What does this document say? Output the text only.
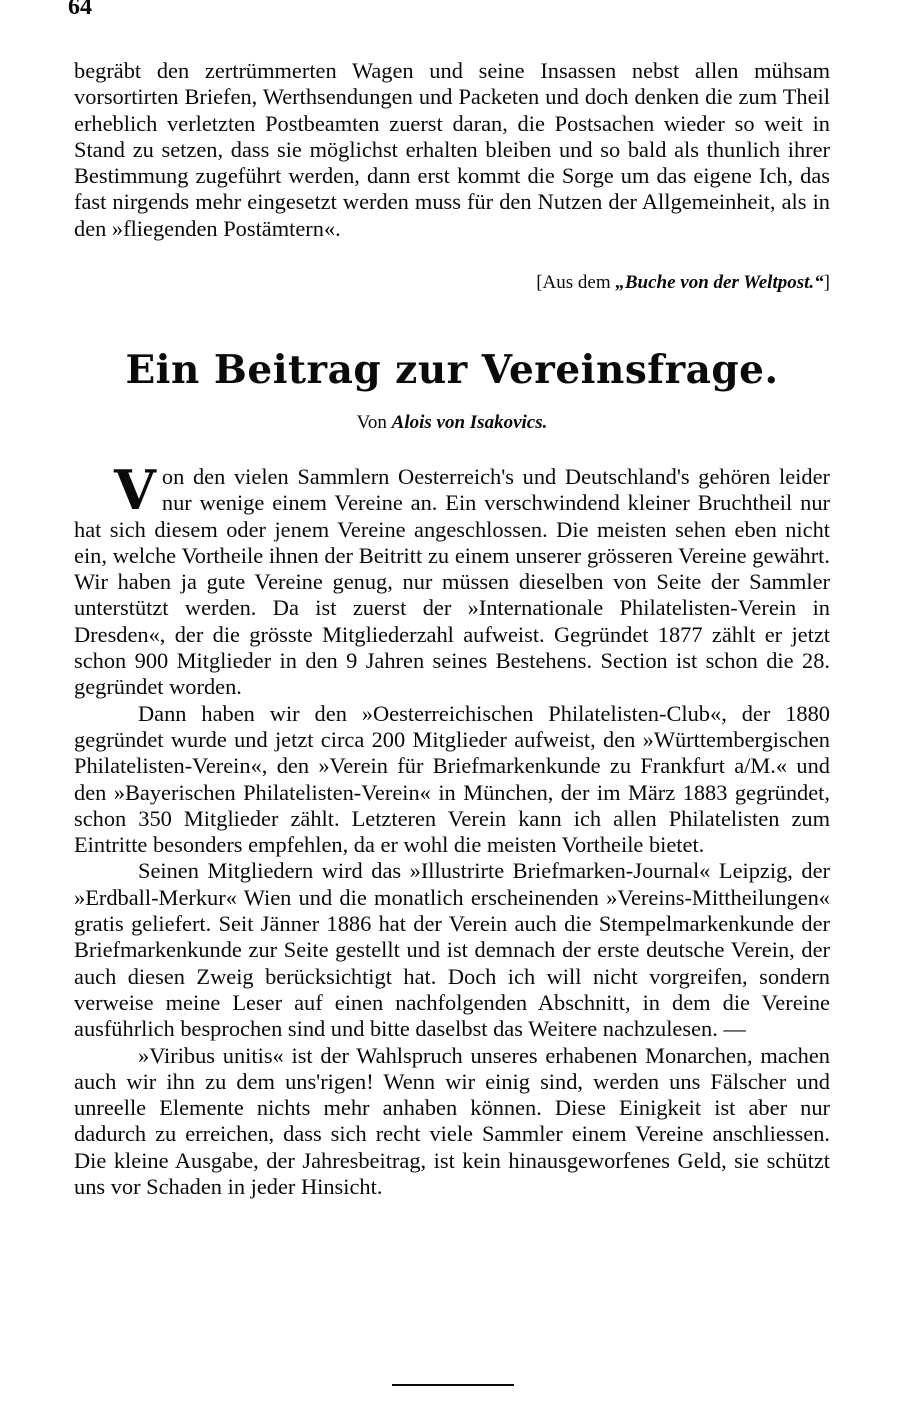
64

begräbt den zertrümmerten Wagen und seine Insassen nebst allen mühsam vorsortirten Briefen, Werthsendungen und Packeten und doch denken die zum Theil erheblich verletzten Postbeamten zuerst daran, die Postsachen wieder so weit in Stand zu setzen, dass sie möglichst erhalten bleiben und so bald als thunlich ihrer Bestimmung zugeführt werden, dann erst kommt die Sorge um das eigene Ich, das fast nirgends mehr eingesetzt werden muss für den Nutzen der Allgemeinheit, als in den »fliegenden Postämtern«.

[Aus dem „Buche von der Weltpost.“]
Ein Beitrag zur Vereinsfrage.
Von Alois von Isakovics.

Von den vielen Sammlern Oesterreich's und Deutschland's gehören leider nur wenige einem Vereine an. Ein verschwindend kleiner Bruchtheil nur hat sich diesem oder jenem Vereine angeschlossen. Die meisten sehen eben nicht ein, welche Vortheile ihnen der Beitritt zu einem unserer grösseren Vereine gewährt. Wir haben ja gute Vereine genug, nur müssen dieselben von Seite der Sammler unterstützt werden. Da ist zuerst der »Internationale Philatelisten-Verein in Dresden«, der die grösste Mitgliederzahl aufweist. Gegründet 1877 zählt er jetzt schon 900 Mitglieder in den 9 Jahren seines Bestehens. Section ist schon die 28. gegründet worden.

Dann haben wir den »Oesterreichischen Philatelisten-Club«, der 1880 gegründet wurde und jetzt circa 200 Mitglieder aufweist, den »Württembergischen Philatelisten-Verein«, den »Verein für Briefmarkenkunde zu Frankfurt a/M.« und den »Bayerischen Philatelisten-Verein« in München, der im März 1883 gegründet, schon 350 Mitglieder zählt. Letzteren Verein kann ich allen Philatelisten zum Eintritte besonders empfehlen, da er wohl die meisten Vortheile bietet.

Seinen Mitgliedern wird das »Illustrirte Briefmarken-Journal« Leipzig, der »Erdball-Merkur« Wien und die monatlich erscheinenden »Vereins-Mittheilungen« gratis geliefert. Seit Jänner 1886 hat der Verein auch die Stempelmarkenkunde der Briefmarkenkunde zur Seite gestellt und ist demnach der erste deutsche Verein, der auch diesen Zweig berücksichtigt hat. Doch ich will nicht vorgreifen, sondern verweise meine Leser auf einen nachfolgenden Abschnitt, in dem die Vereine ausführlich besprochen sind und bitte daselbst das Weitere nachzulesen. —

»Viribus unitis« ist der Wahlspruch unseres erhabenen Monarchen, machen auch wir ihn zu dem uns'rigen! Wenn wir einig sind, werden uns Fälscher und unreelle Elemente nichts mehr anhaben können. Diese Einigkeit ist aber nur dadurch zu erreichen, dass sich recht viele Sammler einem Vereine anschliessen. Die kleine Ausgabe, der Jahresbeitrag, ist kein hinausgeworfenes Geld, sie schützt uns vor Schaden in jeder Hinsicht.
